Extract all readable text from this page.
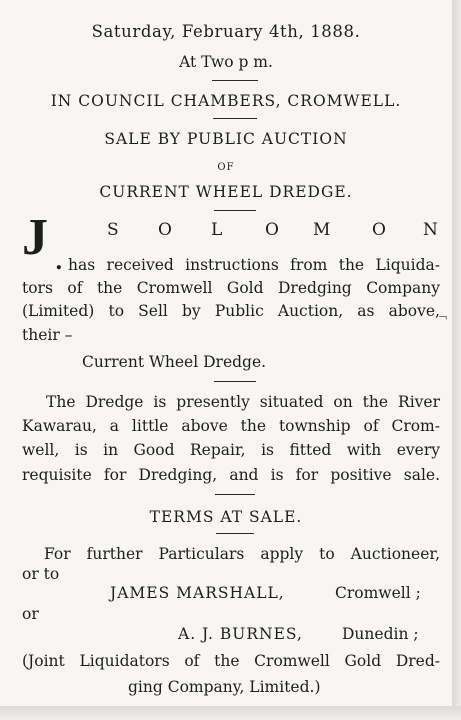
Saturday, February 4th, 1888.
At Two p m.
IN COUNCIL CHAMBERS, CROMWELL.
SALE BY PUBLIC AUCTION
OF
CURRENT WHEEL DREDGE.
J .
S O L	O M O N
has received instructions from the Liquida-
tors of the Cromwell Gold Dredging Company
(Limited) to Sell by Public Auction, as above,
¬
their –
Current Wheel Dredge.
The Dredge is presently situated on the River
Kawarau, a little above the township of Crom-
well, is in Good Repair, is fitted with every
requisite for Dredging, and is for positive sale.
TERMS AT SALE.
For further Particulars apply to Auctioneer,
or to
JAMES MARSHALL,	Cromwell ;
or
A. J. BURNES,	Dunedin ;
(Joint Liquidators of the Cromwell Gold Dred-
ging Company, Limited.)
